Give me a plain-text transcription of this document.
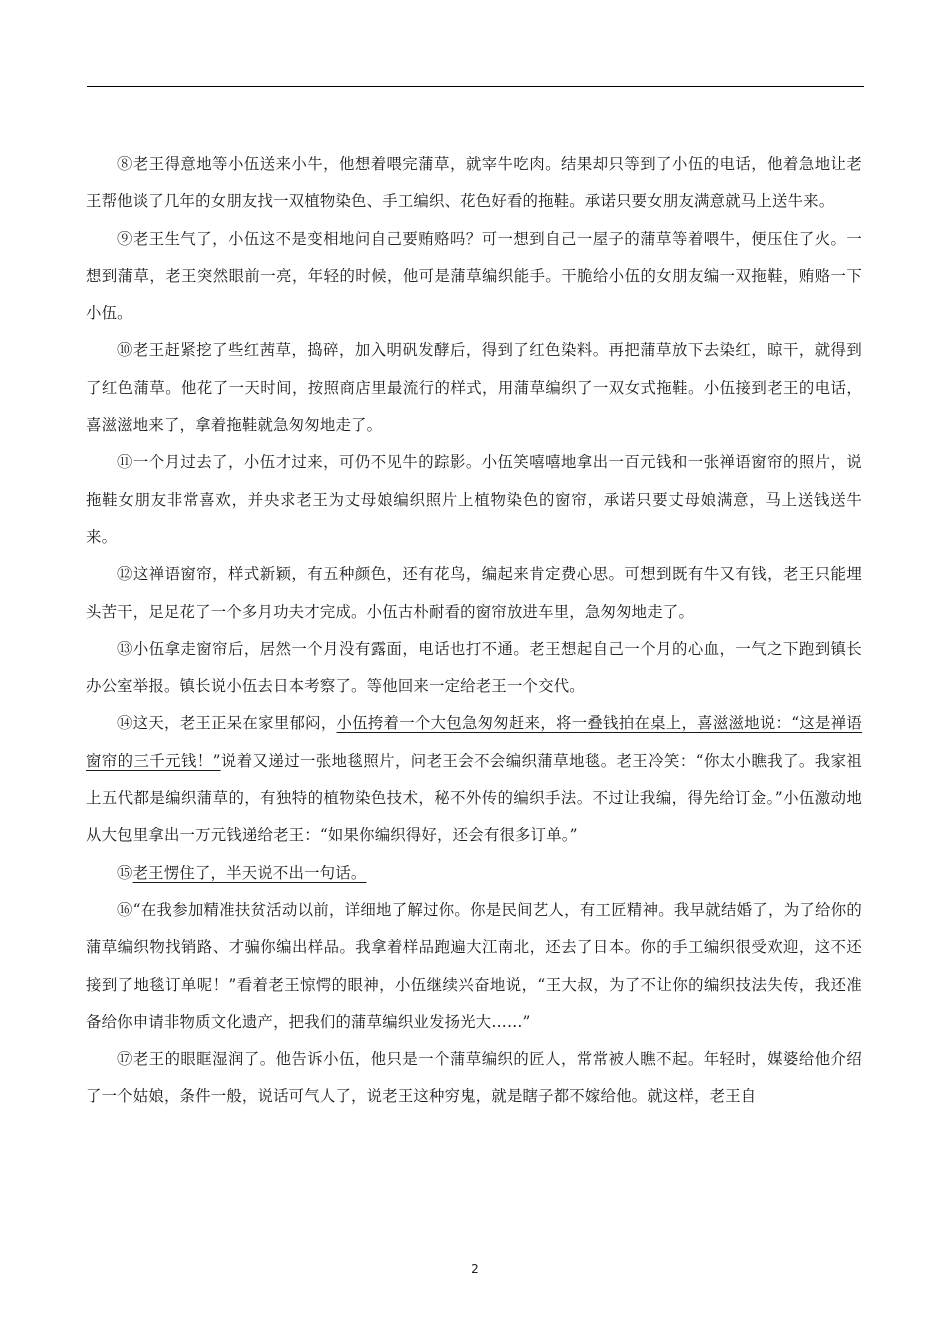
⑧老王得意地等小伍送来小牛，他想着喂完蒲草，就宰牛吃肉。结果却只等到了小伍的电话，他着急地让老王帮他谈了几年的女朋友找一双植物染色、手工编织、花色好看的拖鞋。承诺只要女朋友满意就马上送牛来。

⑨老王生气了，小伍这不是变相地问自己要贿赂吗？可一想到自己一屋子的蒲草等着喂牛，便压住了火。一想到蒲草，老王突然眼前一亮，年轻的时候，他可是蒲草编织能手。干脆给小伍的女朋友编一双拖鞋，贿赂一下小伍。

⑩老王赶紧挖了些红茜草，捣碎，加入明矾发酵后，得到了红色染料。再把蒲草放下去染红，晾干，就得到了红色蒲草。他花了一天时间，按照商店里最流行的样式，用蒲草编织了一双女式拖鞋。小伍接到老王的电话，喜滋滋地来了，拿着拖鞋就急匆匆地走了。

⑪一个月过去了，小伍才过来，可仍不见牛的踪影。小伍笑嘻嘻地拿出一百元钱和一张禅语窗帘的照片，说拖鞋女朋友非常喜欢，并央求老王为丈母娘编织照片上植物染色的窗帘，承诺只要丈母娘满意，马上送钱送牛来。

⑫这禅语窗帘，样式新颖，有五种颜色，还有花鸟，编起来肯定费心思。可想到既有牛又有钱，老王只能埋头苦干，足足花了一个多月功夫才完成。小伍古朴耐看的窗帘放进车里，急匆匆地走了。

⑬小伍拿走窗帘后，居然一个月没有露面，电话也打不通。老王想起自己一个月的心血，一气之下跑到镇长办公室举报。镇长说小伍去日本考察了。等他回来一定给老王一个交代。

⑭这天，老王正呆在家里郁闷，小伍挎着一个大包急匆匆赶来，将一叠钱拍在桌上，喜滋滋地说：“这是禅语窗帘的三千元钱！”说着又递过一张地毯照片，问老王会不会编织蒲草地毯。老王冷笑：“你太小瞧我了。我家祖上五代都是编织蒲草的，有独特的植物染色技术，秘不外传的编织手法。不过让我编，得先给订金。”小伍激动地从大包里拿出一万元钱递给老王：“如果你编织得好，还会有很多订单。”

⑮老王愣住了，半天说不出一句话。

⑯“在我参加精准扶贫活动以前，详细地了解过你。你是民间艺人，有工匠精神。我早就结婚了，为了给你的蒲草编织物找销路、才骗你编出样品。我拿着样品跑遍大江南北，还去了日本。你的手工编织很受欢迎，这不还接到了地毯订单呢！”看着老王惊愕的眼神，小伍继续兴奋地说，“王大叔，为了不让你的编织技法失传，我还准备给你申请非物质文化遗产，把我们的蒲草编织业发扬光大……”

⑰老王的眼眶湿润了。他告诉小伍，他只是一个蒲草编织的匠人，常常被人瞧不起。年轻时，媒婆给他介绍了一个姑娘，条件一般，说话可气人了，说老王这种穷鬼，就是瞎子都不嫁给他。就这样，老王自

2
